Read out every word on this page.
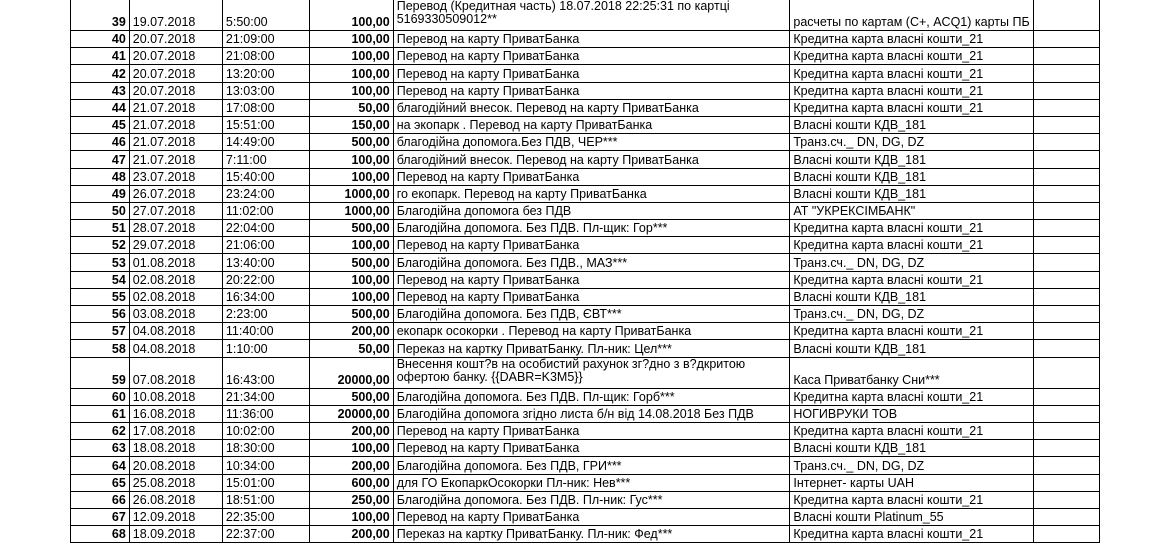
39	19.07.2018	5:50:00	100,00	Перевод (Кредитная часть) 18.07.2018 22:25:31 по картці 5169330509012**	расчеты по картам (С+, ACQ1) карты ПБ	
40	20.07.2018	21:09:00	100,00	Перевод на карту ПриватБанка	Кредитна карта власні кошти_21	
41	20.07.2018	21:08:00	100,00	Перевод на карту ПриватБанка	Кредитна карта власні кошти_21	
42	20.07.2018	13:20:00	100,00	Перевод на карту ПриватБанка	Кредитна карта власні кошти_21	
43	20.07.2018	13:03:00	100,00	Перевод на карту ПриватБанка	Кредитна карта власні кошти_21	
44	21.07.2018	17:08:00	50,00	благодійний внесок. Перевод на карту ПриватБанка	Кредитна карта власні кошти_21	
45	21.07.2018	15:51:00	150,00	на экопарк . Перевод на карту ПриватБанка	Власні кошти КДВ_181	
46	21.07.2018	14:49:00	500,00	благодійна допомога.Без ПДВ, ЧЕР***	Транз.сч._ DN, DG, DZ	
47	21.07.2018	7:11:00	100,00	благодійний внесок. Перевод на карту ПриватБанка	Власні кошти КДВ_181	
48	23.07.2018	15:40:00	100,00	Перевод на карту ПриватБанка	Власні кошти КДВ_181	
49	26.07.2018	23:24:00	1000,00	го екопарк. Перевод на карту ПриватБанка	Власні кошти КДВ_181	
50	27.07.2018	11:02:00	1000,00	Благодійна допомога без ПДВ	АТ "УКРЕКСІМБАНК"	
51	28.07.2018	22:04:00	500,00	Благодійна допомога. Без ПДВ. Пл-щик: Гор***	Кредитна карта власні кошти_21	
52	29.07.2018	21:06:00	100,00	Перевод на карту ПриватБанка	Кредитна карта власні кошти_21	
53	01.08.2018	13:40:00	500,00	Благодійна допомога. Без ПДВ., МАЗ***	Транз.сч._ DN, DG, DZ	
54	02.08.2018	20:22:00	100,00	Перевод на карту ПриватБанка	Кредитна карта власні кошти_21	
55	02.08.2018	16:34:00	100,00	Перевод на карту ПриватБанка	Власні кошти КДВ_181	
56	03.08.2018	2:23:00	500,00	Благодійна допомога. Без ПДВ, ЄВТ***	Транз.сч._ DN, DG, DZ	
57	04.08.2018	11:40:00	200,00	екопарк осокорки . Перевод на карту ПриватБанка	Кредитна карта власні кошти_21	
58	04.08.2018	1:10:00	50,00	Переказ на картку ПриватБанку. Пл-ник: Цел***	Власні кошти КДВ_181	
59	07.08.2018	16:43:00	20000,00	Внесення кошт?в на особистий рахунок зг?дно з в?дкритою офертою банку. {{DABR=K3M5}}	Каса Приватбанку Сни***	
60	10.08.2018	21:34:00	500,00	Благодійна допомога. Без ПДВ. Пл-щик: Горб***	Кредитна карта власні кошти_21	
61	16.08.2018	11:36:00	20000,00	Благодійна допомога згідно листа б/н від 14.08.2018 Без ПДВ	НОГИВРУКИ ТОВ	
62	17.08.2018	10:02:00	200,00	Перевод на карту ПриватБанка	Кредитна карта власні кошти_21	
63	18.08.2018	18:30:00	100,00	Перевод на карту ПриватБанка	Власні кошти КДВ_181	
64	20.08.2018	10:34:00	200,00	Благодійна допомога. Без ПДВ, ГРИ***	Транз.сч._ DN, DG, DZ	
65	25.08.2018	15:01:00	600,00	для ГО ЕкопаркОсокорки Пл-ник: Нев***	Інтернет- карты UAH	
66	26.08.2018	18:51:00	250,00	Благодійна допомога. Без ПДВ. Пл-ник: Гус***	Кредитна карта власні кошти_21	
67	12.09.2018	22:35:00	100,00	Перевод на карту ПриватБанка	Власні кошти Platinum_55	
68	18.09.2018	22:37:00	200,00	Переказ на картку ПриватБанку. Пл-ник: Фед***	Кредитна карта власні кошти_21	
